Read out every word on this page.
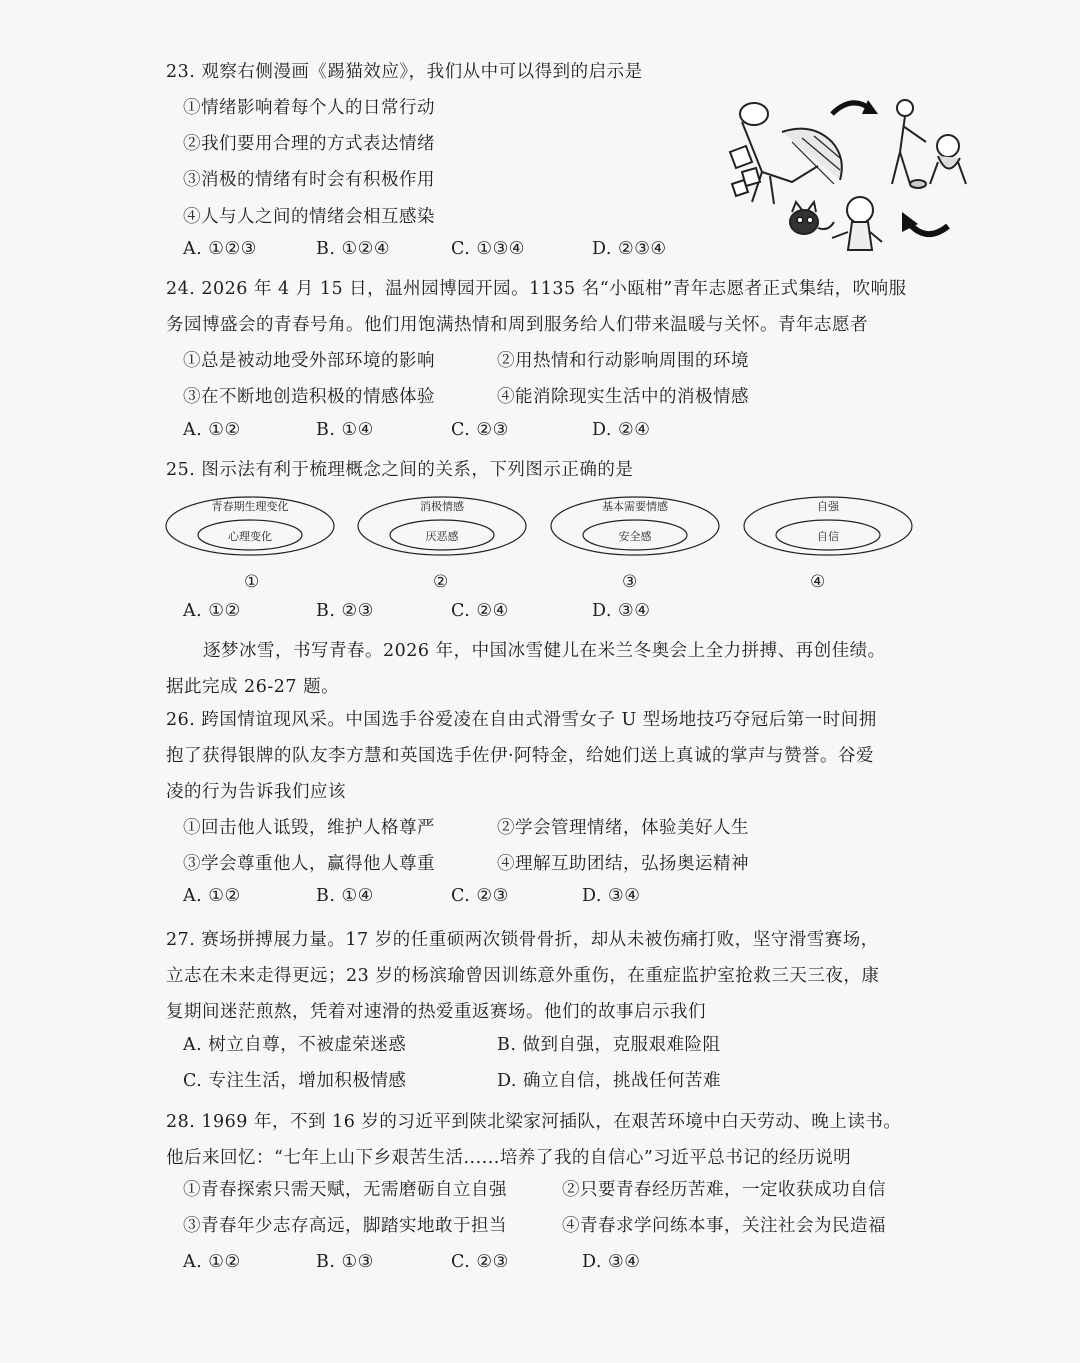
23. 观察右侧漫画《踢猫效应》，我们从中可以得到的启示是
①情绪影响着每个人的日常行动
②我们要用合理的方式表达情绪
③消极的情绪有时会有积极作用
④人与人之间的情绪会相互感染
A. ①②③	B. ①②④	C. ①③④	D. ②③④
24. 2026 年 4 月 15 日，温州园博园开园。1135 名“小瓯柑”青年志愿者正式集结，吹响服
务园博盛会的青春号角。他们用饱满热情和周到服务给人们带来温暖与关怀。青年志愿者
①总是被动地受外部环境的影响	②用热情和行动影响周围的环境
③在不断地创造积极的情感体验	④能消除现实生活中的消极情感
A. ①②	B. ①④	C. ②③	D. ②④
25. 图示法有利于梳理概念之间的关系，下列图示正确的是
青春期生理变化
心理变化
消极情感
厌恶感
基本需要情感
安全感
自强
自信
①	②	③	④
A. ①②	B. ②③	C. ②④	D. ③④
逐梦冰雪，书写青春。2026 年，中国冰雪健儿在米兰冬奥会上全力拼搏、再创佳绩。
据此完成 26-27 题。
26. 跨国情谊现风采。中国选手谷爱凌在自由式滑雪女子 U 型场地技巧夺冠后第一时间拥
抱了获得银牌的队友李方慧和英国选手佐伊·阿特金，给她们送上真诚的掌声与赞誉。谷爱
凌的行为告诉我们应该
①回击他人诋毁，维护人格尊严	②学会管理情绪，体验美好人生
③学会尊重他人，赢得他人尊重	④理解互助团结，弘扬奥运精神
A. ①②	B. ①④	C. ②③	D. ③④
27. 赛场拼搏展力量。17 岁的任重硕两次锁骨骨折，却从未被伤痛打败，坚守滑雪赛场，
立志在未来走得更远；23 岁的杨滨瑜曾因训练意外重伤，在重症监护室抢救三天三夜，康
复期间迷茫煎熬，凭着对速滑的热爱重返赛场。他们的故事启示我们
A. 树立自尊，不被虚荣迷惑	B. 做到自强，克服艰难险阻
C. 专注生活，增加积极情感	D. 确立自信，挑战任何苦难
28. 1969 年，不到 16 岁的习近平到陕北梁家河插队，在艰苦环境中白天劳动、晚上读书。
他后来回忆：“七年上山下乡艰苦生活......培养了我的自信心”习近平总书记的经历说明
①青春探索只需天赋，无需磨砺自立自强	②只要青春经历苦难，一定收获成功自信
③青春年少志存高远，脚踏实地敢于担当	④青春求学问练本事，关注社会为民造福
A. ①②	B. ①③	C. ②③	D. ③④
